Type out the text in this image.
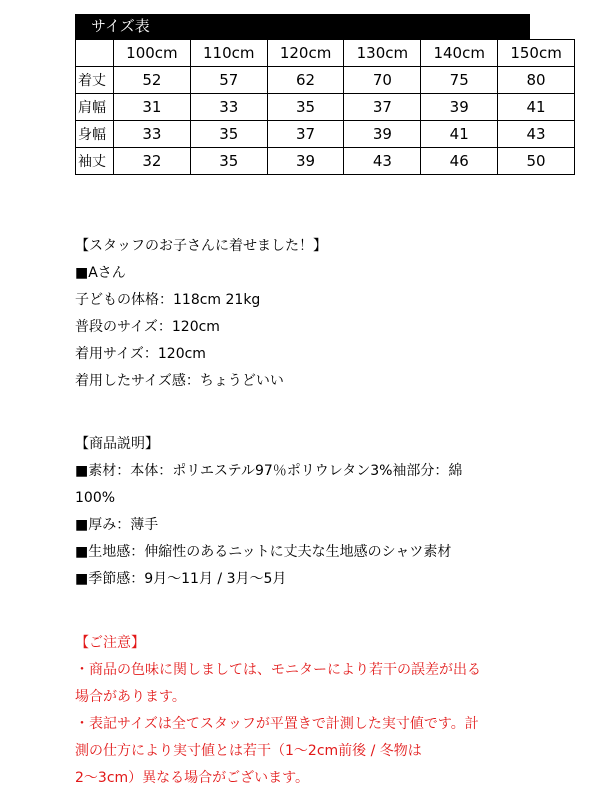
サイズ表
	100cm	110cm	120cm	130cm	140cm	150cm
着丈	52	57	62	70	75	80
肩幅	31	33	35	37	39	41
身幅	33	35	37	39	41	43
袖丈	32	35	39	43	46	50

【スタッフのお子さんに着せました！】

■Aさん

子どもの体格：118cm 21kg

普段のサイズ：120cm

着用サイズ：120cm

着用したサイズ感：ちょうどいい

【商品説明】

■素材：本体：ポリエステル97％ポリウレタン3%袖部分：綿

100%

■厚み：薄手

■生地感：伸縮性のあるニットに丈夫な生地感のシャツ素材

■季節感：9月～11月 / 3月～5月

【ご注意】

・商品の色味に関しましては、モニターにより若干の誤差が出る

場合があります。

・表記サイズは全てスタッフが平置きで計測した実寸値です。計

測の仕方により実寸値とは若干（1～2cm前後 / 冬物は

2～3cm）異なる場合がございます。
